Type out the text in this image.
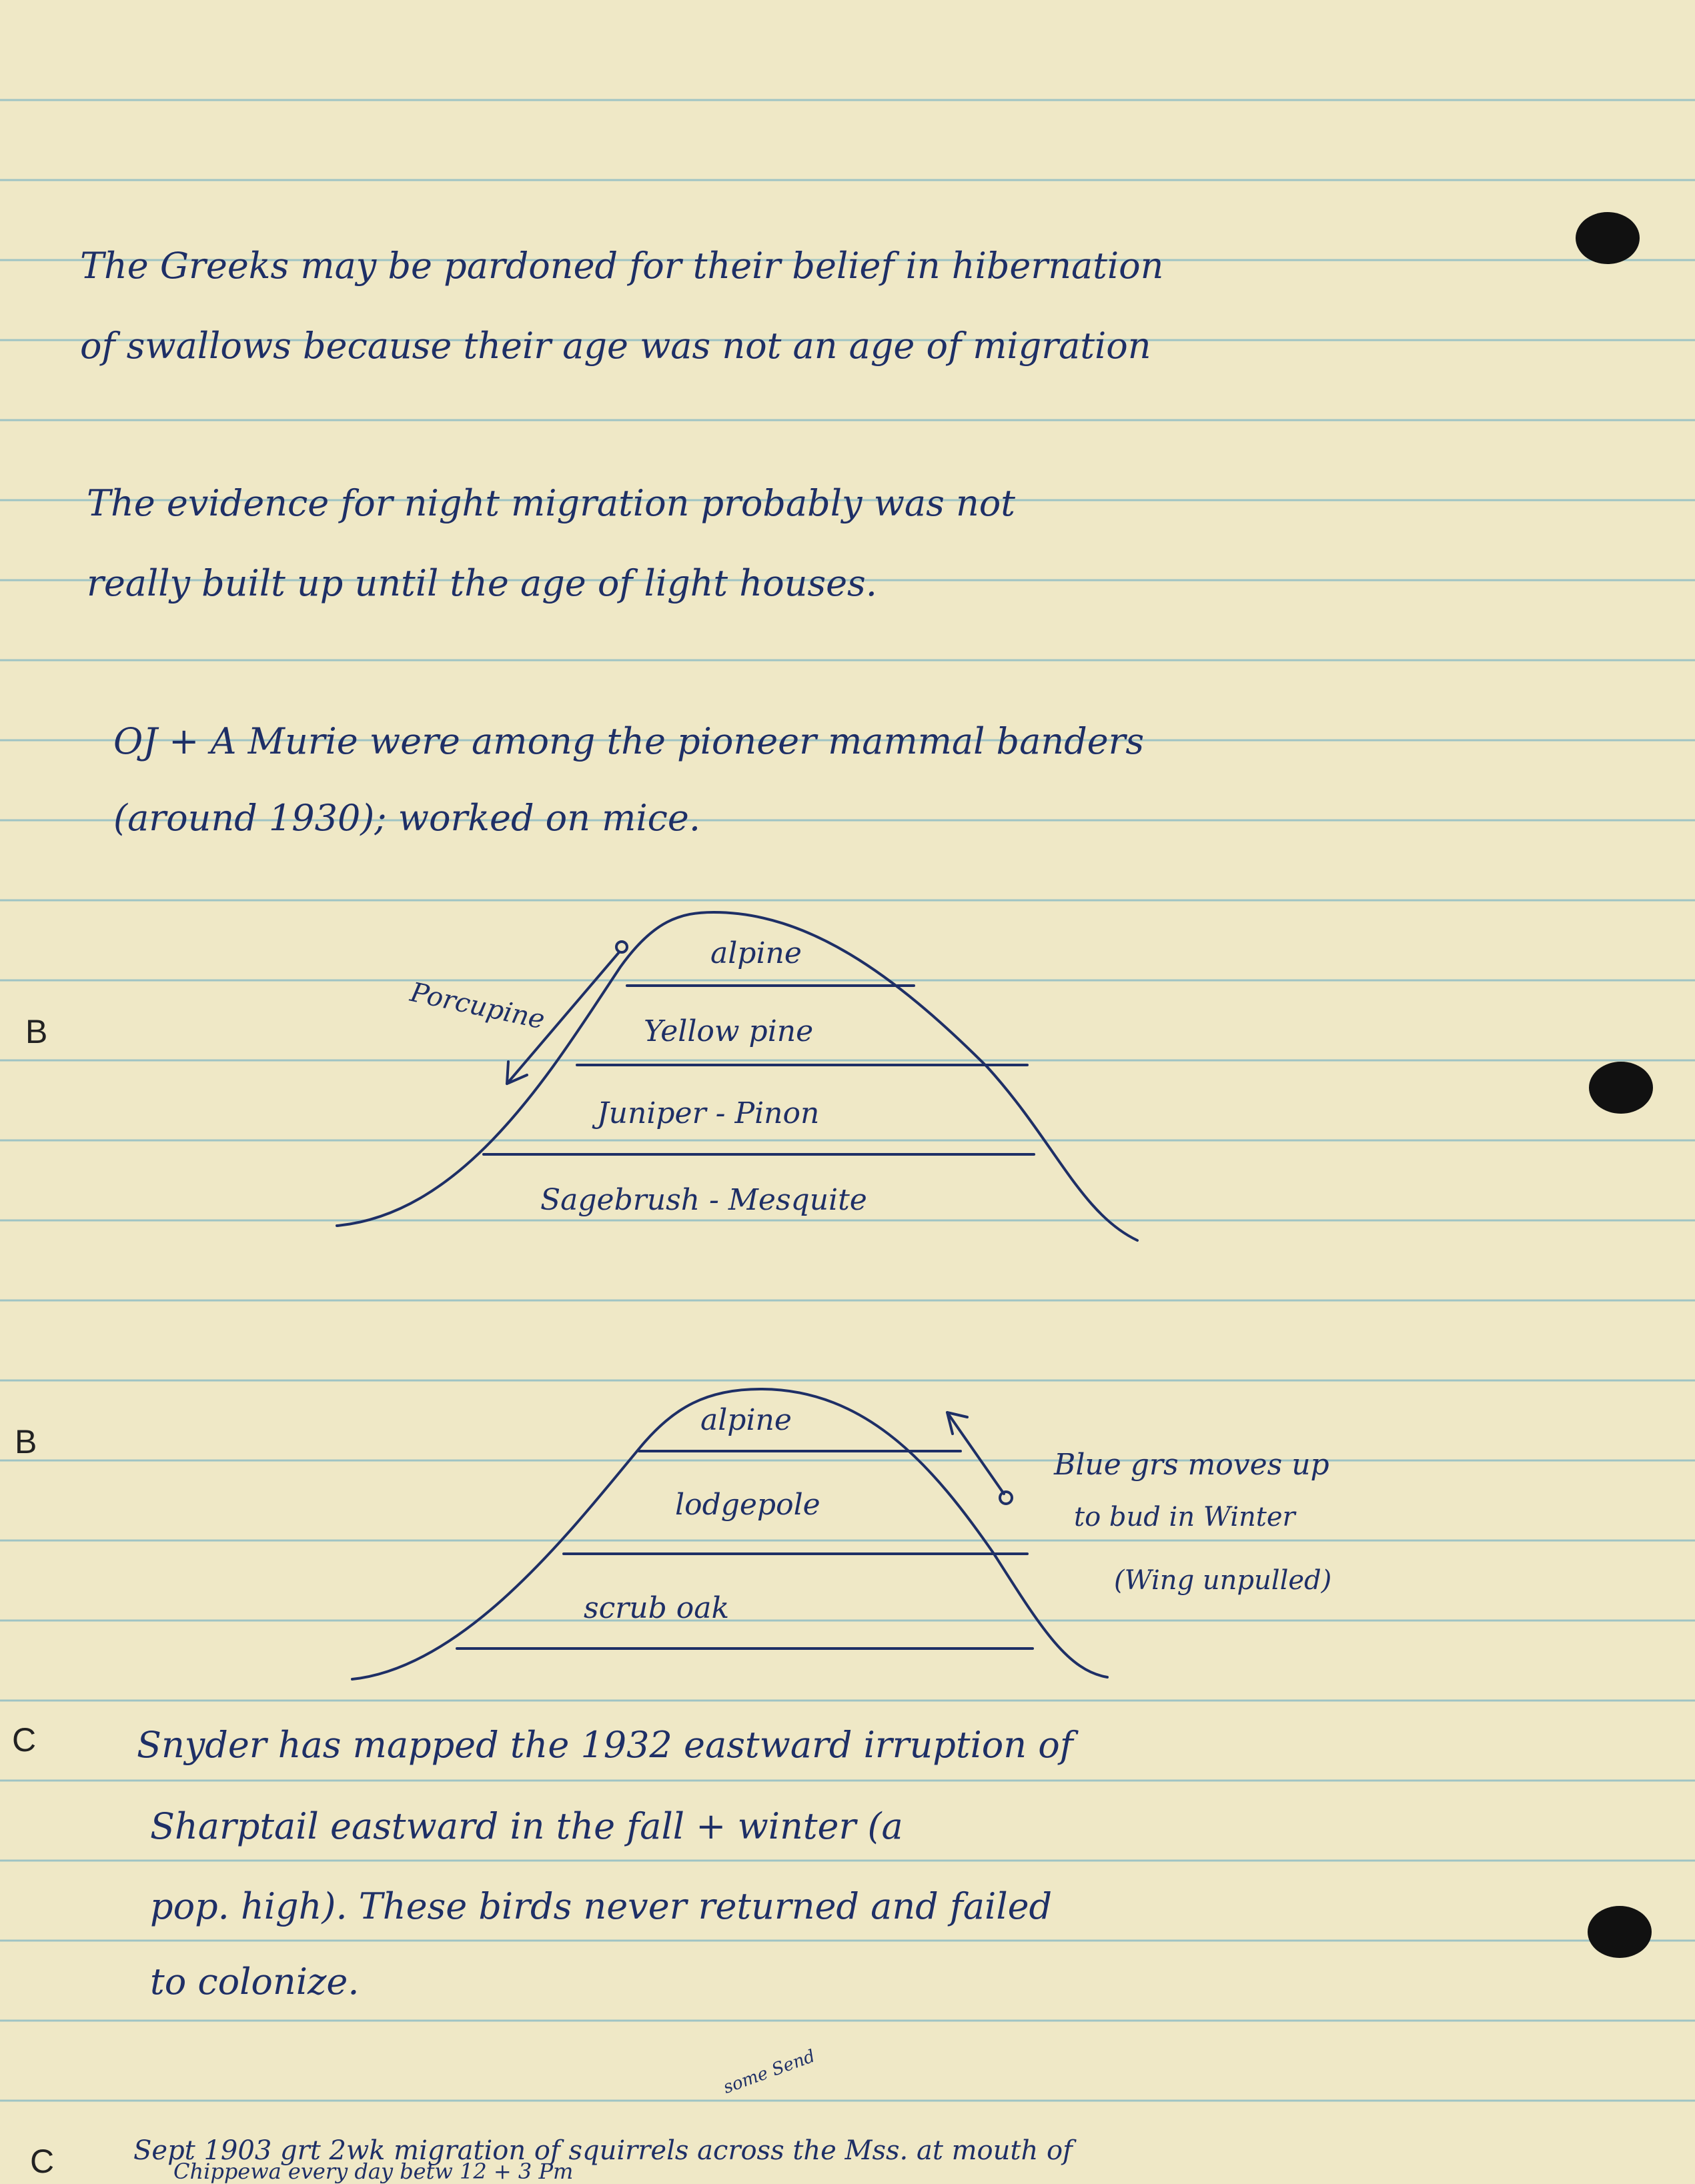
The Greeks may be pardoned for their belief in hibernation
of swallows because their age was not an age of migration
The evidence for night migration probably was not
really built up until the age of light houses.
OJ + A Murie were among the pioneer mammal banders
(around 1930); worked on mice.
B
alpine
Yellow pine
Juniper - Pinon
Sagebrush - Mesquite
Porcupine
B
alpine
lodgepole
scrub oak
Blue grs moves up
to bud in Winter
(Wing unpulled)
C	Snyder has mapped the 1932 eastward irruption of
Sharptail eastward in the fall + winter (a
pop. high). These birds never returned and failed
to colonize.
C
some Send
Sept 1903 grt 2wk migration of squirrels across the Mss. at mouth of
Chippewa every day betw 12 + 3 Pm
